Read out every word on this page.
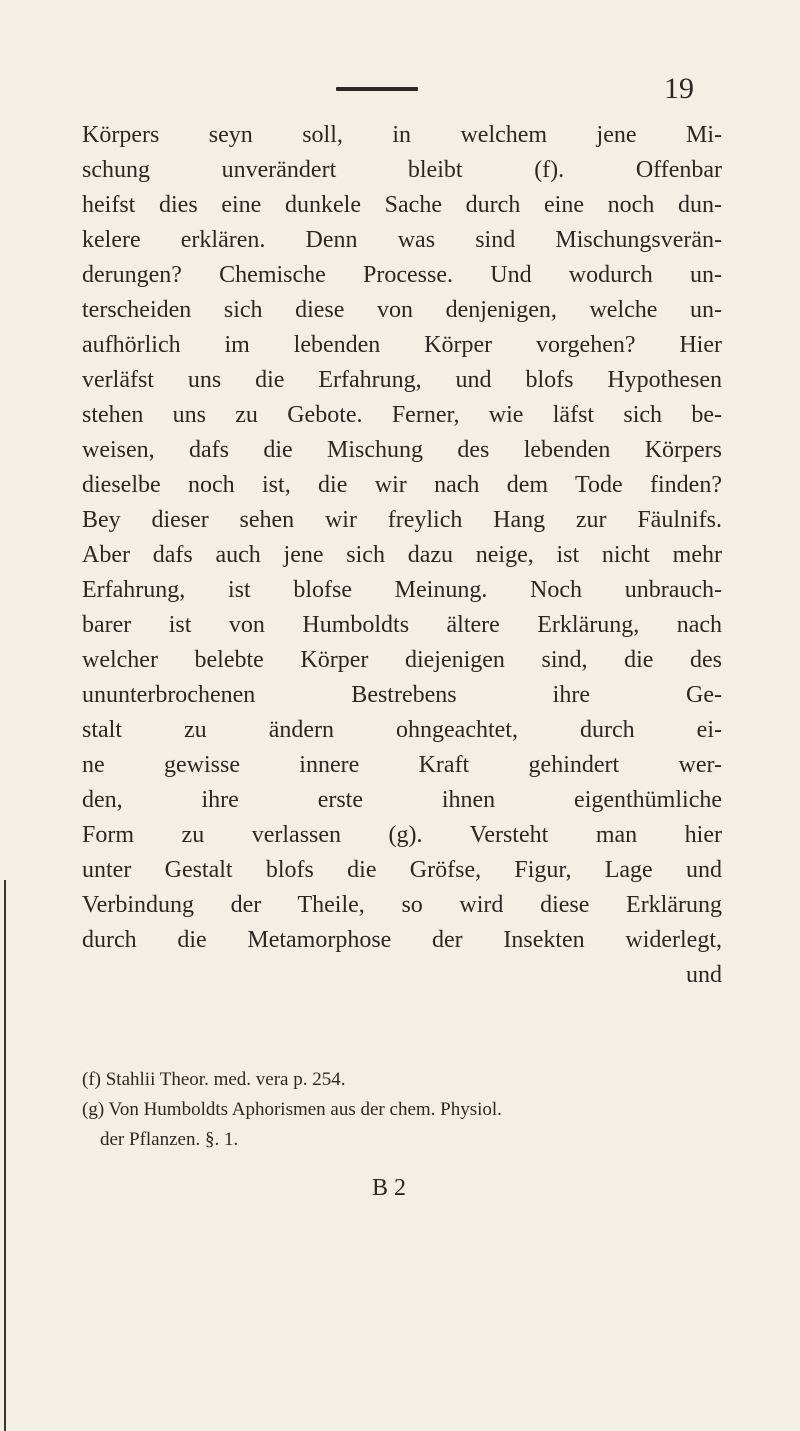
19
Körpers seyn soll, in welchem jene Mi-
schung unverändert bleibt (f). Offenbar
heifst dies eine dunkele Sache durch eine noch dun-
kelere erklären. Denn was sind Mischungsverän-
derungen? Chemische Processe. Und wodurch un-
terscheiden sich diese von denjenigen, welche un-
aufhörlich im lebenden Körper vorgehen? Hier
verläfst uns die Erfahrung, und blofs Hypothesen
stehen uns zu Gebote. Ferner, wie läfst sich be-
weisen, dafs die Mischung des lebenden Körpers
dieselbe noch ist, die wir nach dem Tode finden?
Bey dieser sehen wir freylich Hang zur Fäulnifs.
Aber dafs auch jene sich dazu neige, ist nicht mehr
Erfahrung, ist blofse Meinung. Noch unbrauch-
barer ist von Humboldts ältere Erklärung, nach
welcher belebte Körper diejenigen sind, die des
ununterbrochenen Bestrebens ihre Ge-
stalt zu ändern ohngeachtet, durch ei-
ne gewisse innere Kraft gehindert wer-
den, ihre erste ihnen eigenthümliche
Form zu verlassen (g). Versteht man hier
unter Gestalt blofs die Gröfse, Figur, Lage und
Verbindung der Theile, so wird diese Erklärung
durch die Metamorphose der Insekten widerlegt,
und
(f) Stahlii Theor. med. vera p. 254.
(g) Von Humboldts Aphorismen aus der chem. Physiol.
der Pflanzen. §. 1.
B 2
